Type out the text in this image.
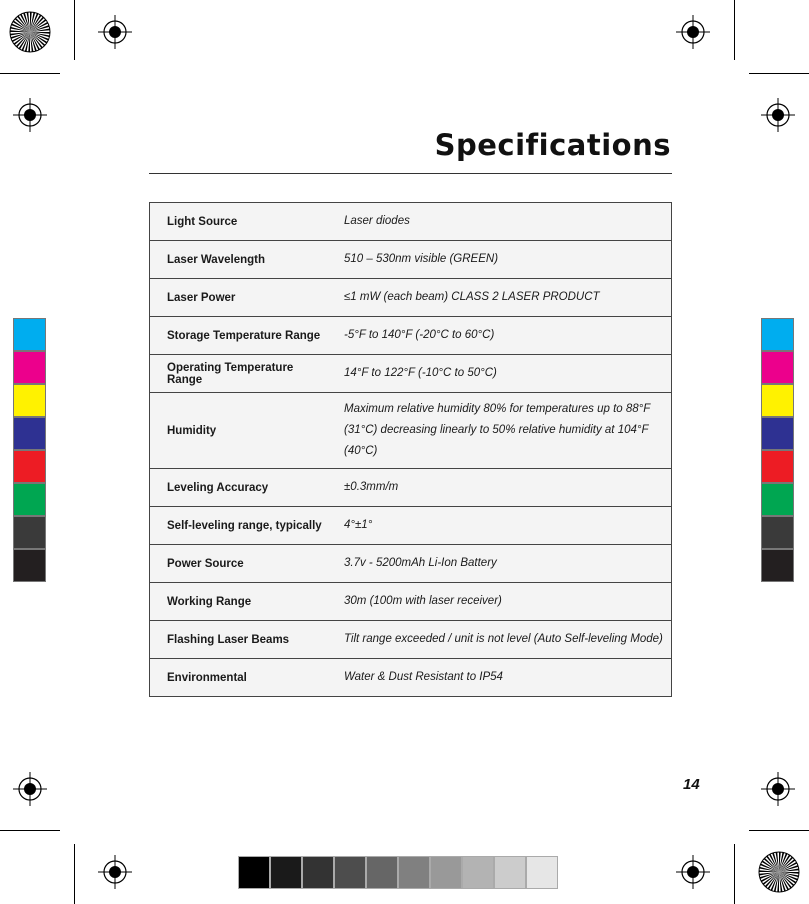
Specifications
Light Source	Laser diodes
Laser Wavelength	510 – 530nm visible (GREEN)
Laser Power	≤1 mW (each beam) CLASS 2 LASER PRODUCT
Storage Temperature Range	-5°F to 140°F (-20°C to 60°C)
Operating Temperature Range	14°F to 122°F (-10°C to 50°C)
Humidity	Maximum relative humidity 80% for temperatures up to 88°F (31°C) decreasing linearly to 50% relative humidity at 104°F (40°C)
Leveling Accuracy	±0.3mm/m
Self-leveling range, typically	4°±1°
Power Source	3.7v - 5200mAh Li-Ion Battery
Working Range	30m (100m with laser receiver)
Flashing Laser Beams	Tilt range exceeded / unit is not level (Auto Self-leveling Mode)
Environmental	Water & Dust Resistant to IP54
14
